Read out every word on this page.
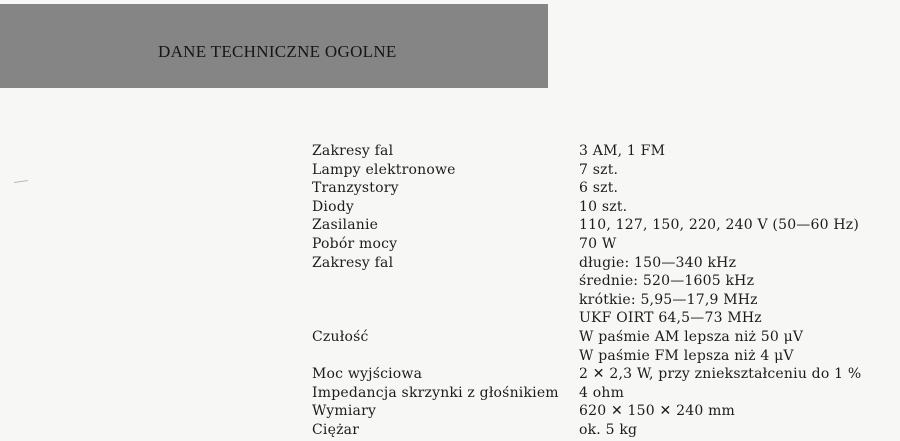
DANE TECHNICZNE OGOLNE
Zakresy fal	3 AM, 1 FM
Lampy elektronowe	7 szt.
Tranzystory	6 szt.
Diody	10 szt.
Zasilanie	110, 127, 150, 220, 240 V (50—60 Hz)
Pobór mocy	70 W
Zakresy fal	długie: 150—340 kHz
średnie: 520—1605 kHz
krótkie: 5,95—17,9 MHz
UKF OIRT 64,5—73 MHz
Czułość	W paśmie AM lepsza niż 50 μV
W paśmie FM lepsza niż 4 μV
Moc wyjściowa	2 ✕ 2,3 W, przy zniekształceniu do 1 %
Impedancja skrzynki z głośnikiem 4 ohm
Wymiary	620 ✕ 150 ✕ 240 mm
Ciężar	ok. 5 kg
